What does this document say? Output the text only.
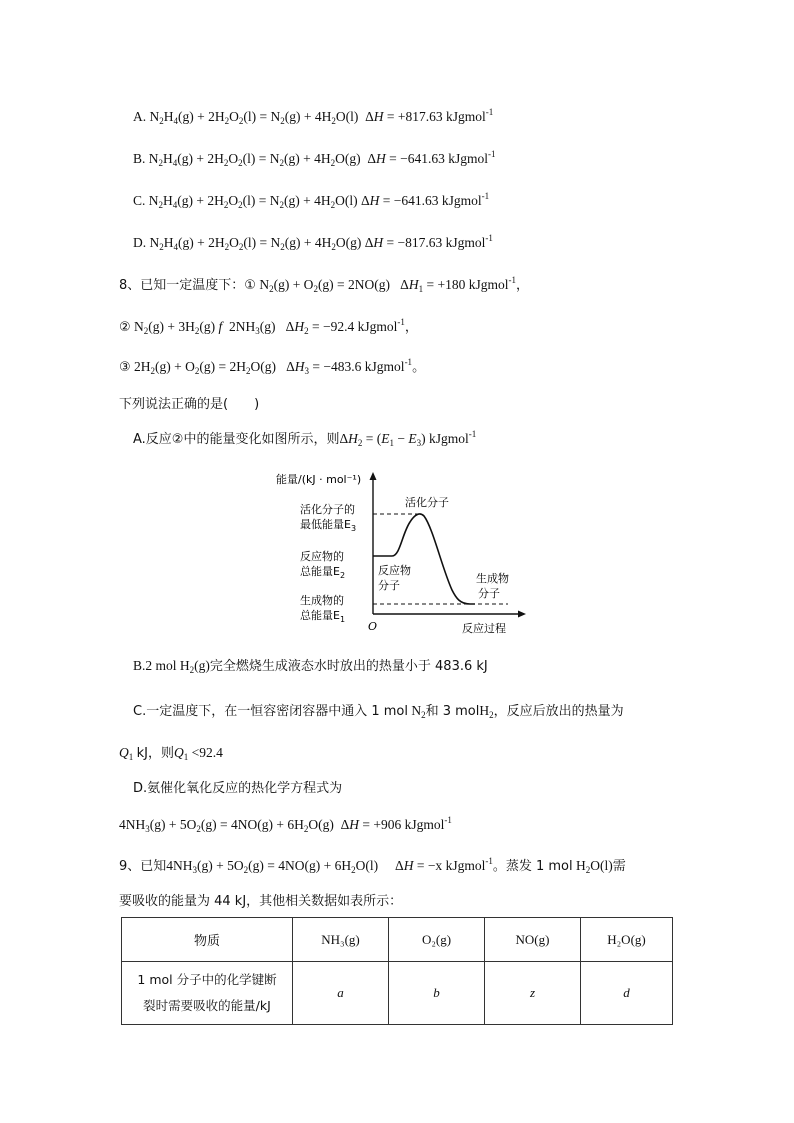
A. $N_2H_4(g) + 2H_2O_2(l) = N_2(g) + 4H_2O(l) \Delta H = +817.63$ kJgmol$^{-1}$
B. $N_2H_4(g) + 2H_2O_2(l) = N_2(g) + 4H_2O(g) \Delta H = -641.63$ kJgmol$^{-1}$
C. $N_2H_4(g) + 2H_2O_2(l) = N_2(g) + 4H_2O(l) \Delta H = -641.63$ kJgmol$^{-1}$
D. $N_2H_4(g) + 2H_2O_2(l) = N_2(g) + 4H_2O(g) \Delta H = -817.63$ kJgmol$^{-1}$
8、已知一定温度下：① $N_2(g) + O_2(g) = 2NO(g) \Delta H_1 = +180$ kJgmol$^{-1}$，
② $N_2(g) + 3H_2(g)$ f  $2NH_3(g) \Delta H_2 = -92.4$ kJgmol$^{-1}$，
③ $2H_2(g) + O_2(g) = 2H_2O(g) \Delta H_3 = -483.6$ kJgmol$^{-1}$。
下列说法正确的是(　　)
A.反应②中的能量变化如图所示，则$\Delta H_2 = (E_1 - E_3)$ kJgmol$^{-1}$
能量/(kJ · mol⁻¹)
活化分子
活化分子的
最低能量$E_3$
反应物的
总能量$E_2$
生成物的
总能量$E_1$
反应物
分子
生成物
分子
O	反应过程
B.2 mol $H_2(g)$完全燃烧生成液态水时放出的热量小于 483.6 kJ
C.一定温度下，在一恒容密闭容器中通入 1 mol $N_2$和 3 molH$_2$，反应后放出的热量为
$Q_1$ kJ，则$Q_1 <92.4$
D.氨催化氧化反应的热化学方程式为
$4NH_3(g) + 5O_2(g) = 4NO(g) + 6H_2O(g) \Delta H = +906$ kJgmol$^{-1}$
9、已知$4NH_3(g) + 5O_2(g) = 4NO(g) + 6H_2O(l)$     ΔH = −x kJgmol$^{-1}$。蒸发 1 mol $H_2O(l)$需
要吸收的能量为 44 kJ，其他相关数据如表所示：
物质	NH₃(g)	O₂(g)	NO(g)	H₂O(g)

1 mol 分子中的化学键断
裂时需要吸收的能量/kJ	a	b	z	d
